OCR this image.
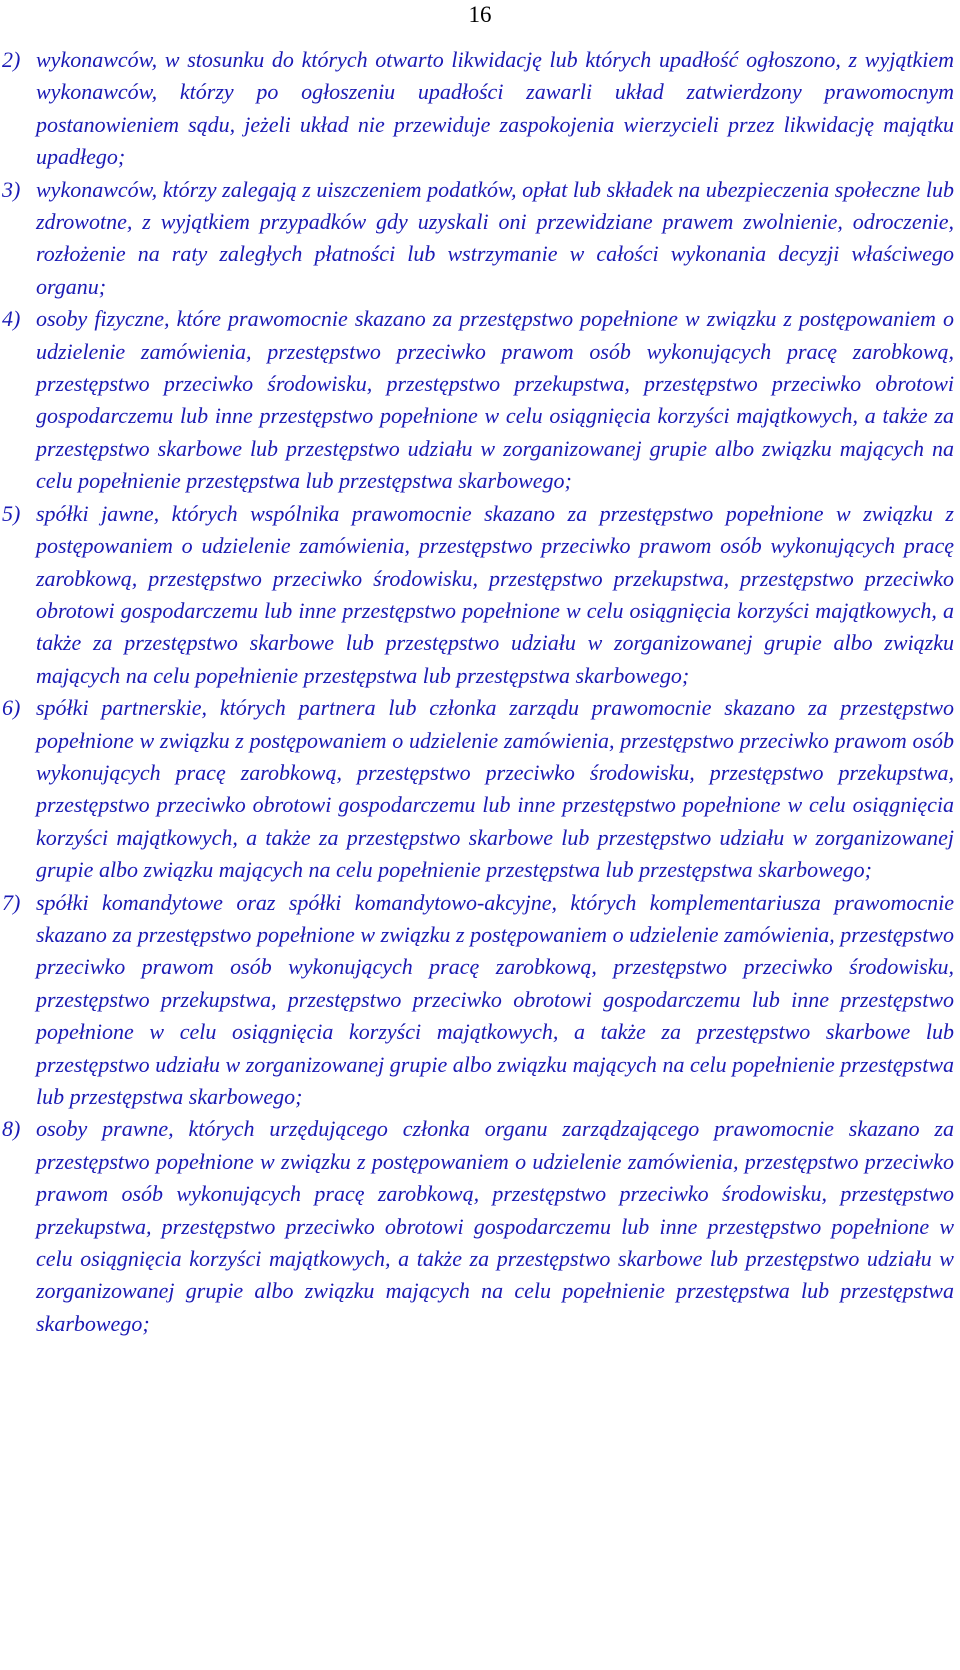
16
2) wykonawców, w stosunku do których otwarto likwidację lub których upadłość ogłoszono, z wyjątkiem wykonawców, którzy po ogłoszeniu upadłości zawarli układ zatwierdzony prawomocnym postanowieniem sądu, jeżeli układ nie przewiduje zaspokojenia wierzycieli przez likwidację majątku upadłego;
3) wykonawców, którzy zalegają z uiszczeniem podatków, opłat lub składek na ubezpieczenia społeczne lub zdrowotne, z wyjątkiem przypadków gdy uzyskali oni przewidziane prawem zwolnienie, odroczenie, rozłożenie na raty zaległych płatności lub wstrzymanie w całości wykonania decyzji właściwego organu;
4) osoby fizyczne, które prawomocnie skazano za przestępstwo popełnione w związku z postępowaniem o udzielenie zamówienia, przestępstwo przeciwko prawom osób wykonujących pracę zarobkową, przestępstwo przeciwko środowisku, przestępstwo przekupstwa, przestępstwo przeciwko obrotowi gospodarczemu lub inne przestępstwo popełnione w celu osiągnięcia korzyści majątkowych, a także za przestępstwo skarbowe lub przestępstwo udziału w zorganizowanej grupie albo związku mających na celu popełnienie przestępstwa lub przestępstwa skarbowego;
5) spółki jawne, których wspólnika prawomocnie skazano za przestępstwo popełnione w związku z postępowaniem o udzielenie zamówienia, przestępstwo przeciwko prawom osób wykonujących pracę zarobkową, przestępstwo przeciwko środowisku, przestępstwo przekupstwa, przestępstwo przeciwko obrotowi gospodarczemu lub inne przestępstwo popełnione w celu osiągnięcia korzyści majątkowych, a także za przestępstwo skarbowe lub przestępstwo udziału w zorganizowanej grupie albo związku mających na celu popełnienie przestępstwa lub przestępstwa skarbowego;
6) spółki partnerskie, których partnera lub członka zarządu prawomocnie skazano za przestępstwo popełnione w związku z postępowaniem o udzielenie zamówienia, przestępstwo przeciwko prawom osób wykonujących pracę zarobkową, przestępstwo przeciwko środowisku, przestępstwo przekupstwa, przestępstwo przeciwko obrotowi gospodarczemu lub inne przestępstwo popełnione w celu osiągnięcia korzyści majątkowych, a także za przestępstwo skarbowe lub przestępstwo udziału w zorganizowanej grupie albo związku mających na celu popełnienie przestępstwa lub przestępstwa skarbowego;
7) spółki komandytowe oraz spółki komandytowo-akcyjne, których komplementariusza prawomocnie skazano za przestępstwo popełnione w związku z postępowaniem o udzielenie zamówienia, przestępstwo przeciwko prawom osób wykonujących pracę zarobkową, przestępstwo przeciwko środowisku, przestępstwo przekupstwa, przestępstwo przeciwko obrotowi gospodarczemu lub inne przestępstwo popełnione w celu osiągnięcia korzyści majątkowych, a także za przestępstwo skarbowe lub przestępstwo udziału w zorganizowanej grupie albo związku mających na celu popełnienie przestępstwa lub przestępstwa skarbowego;
8) osoby prawne, których urzędującego członka organu zarządzającego prawomocnie skazano za przestępstwo popełnione w związku z postępowaniem o udzielenie zamówienia, przestępstwo przeciwko prawom osób wykonujących pracę zarobkową, przestępstwo przeciwko środowisku, przestępstwo przekupstwa, przestępstwo przeciwko obrotowi gospodarczemu lub inne przestępstwo popełnione w celu osiągnięcia korzyści majątkowych, a także za przestępstwo skarbowe lub przestępstwo udziału w zorganizowanej grupie albo związku mających na celu popełnienie przestępstwa lub przestępstwa skarbowego;
